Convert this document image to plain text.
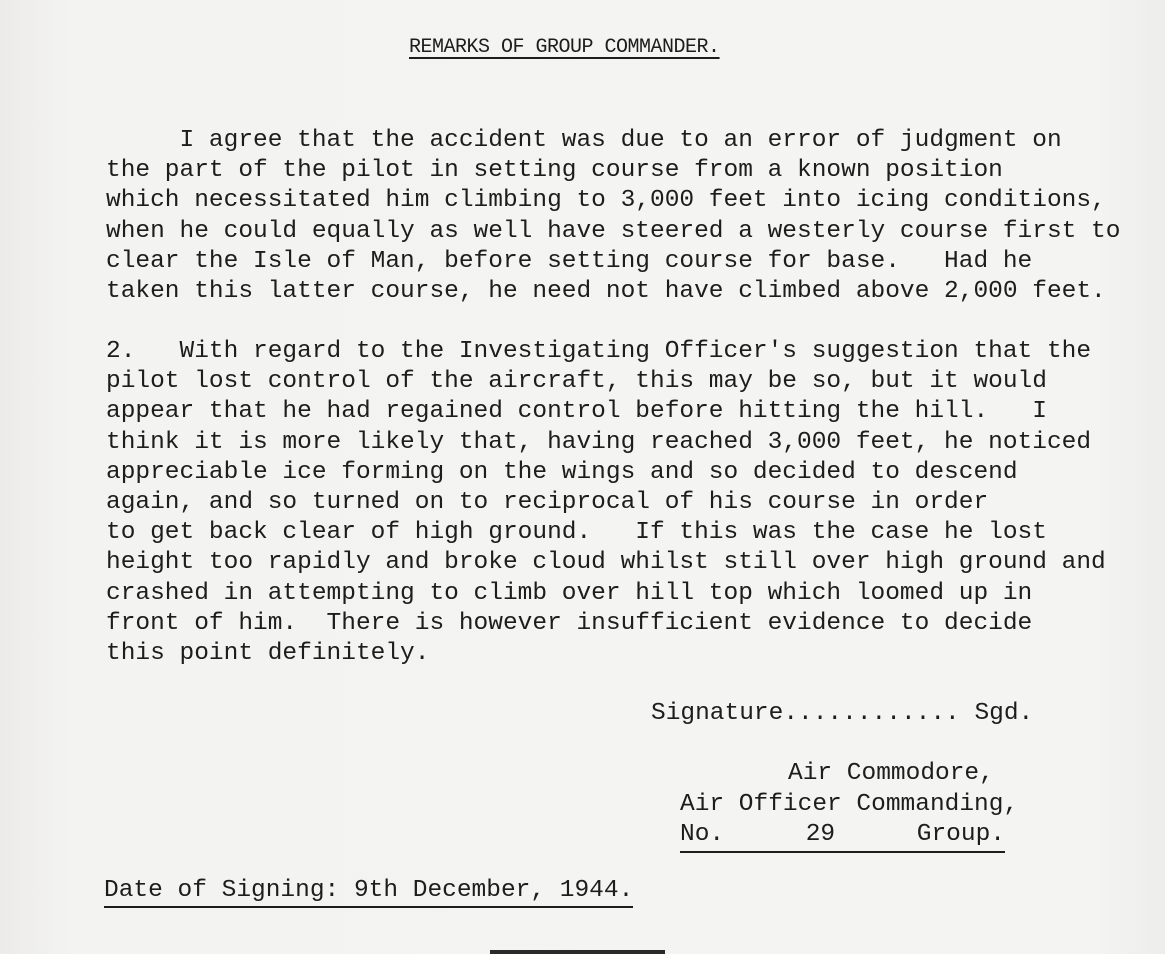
REMARKS OF GROUP COMMANDER.
I agree that the accident was due to an error of judgment on
the part of the pilot in setting course from a known position
which necessitated him climbing to 3,000 feet into icing conditions,
when he could equally as well have steered a westerly course first to
clear the Isle of Man, before setting course for base.   Had he
taken this latter course, he need not have climbed above 2,000 feet.
2.   With regard to the Investigating Officer's suggestion that the
pilot lost control of the aircraft, this may be so, but it would
appear that he had regained control before hitting the hill.   I
think it is more likely that, having reached 3,000 feet, he noticed
appreciable ice forming on the wings and so decided to descend
again, and so turned on to reciprocal of his course in order
to get back clear of high ground.   If this was the case he lost
height too rapidly and broke cloud whilst still over high ground and
crashed in attempting to climb over hill top which loomed up in
front of him.  There is however insufficient evidence to decide
this point definitely.
Signature............ Sgd.
Air Commodore,
Air Officer Commanding,
No.	29	Group.
Date of Signing: 9th December, 1944.
